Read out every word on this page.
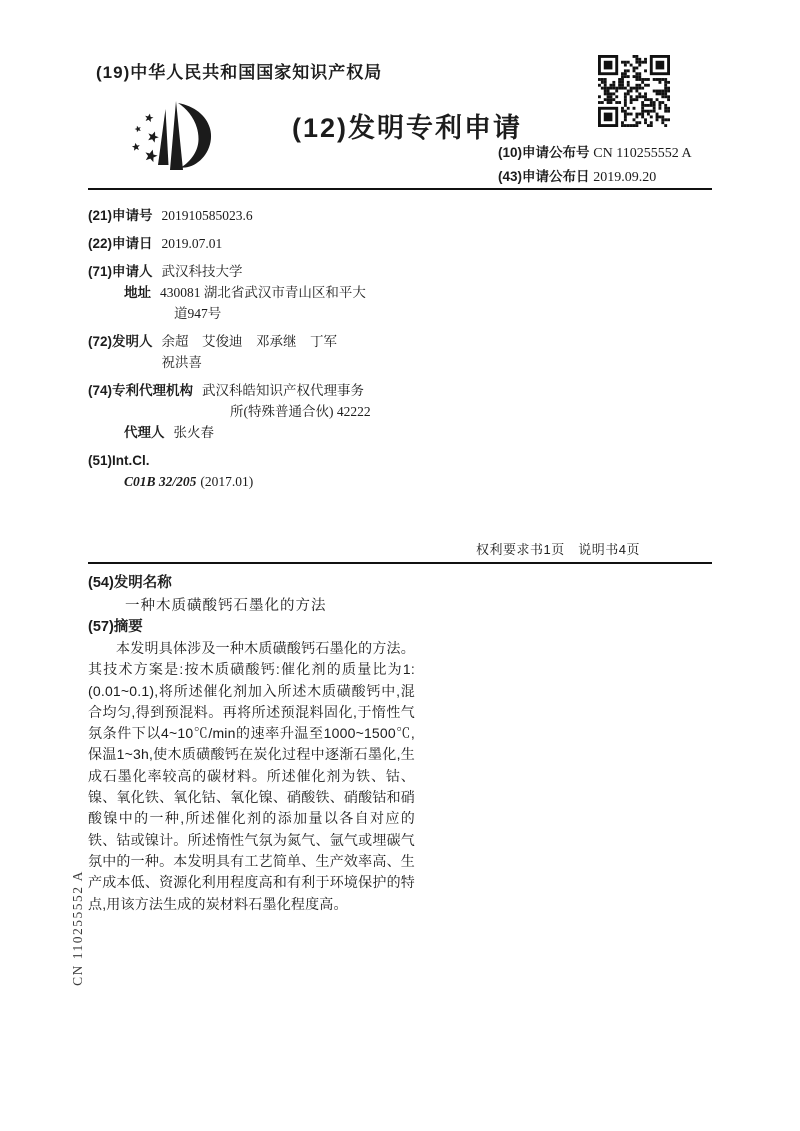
(19)中华人民共和国国家知识产权局
(12)发明专利申请
(10)申请公布号 CN 110255552 A
(43)申请公布日 2019.09.20
(21)申请号 201910585023.6
(22)申请日 2019.07.01
(71)申请人 武汉科技大学
地址 430081 湖北省武汉市青山区和平大
道947号
(72)发明人 余超　艾俊迪　邓承继　丁军
祝洪喜
(74)专利代理机构 武汉科皓知识产权代理事务
所(特殊普通合伙) 42222
代理人 张火春
(51)Int.Cl.
C01B 32/205 (2017.01)
权利要求书1页　说明书4页
(54)发明名称
一种木质磺酸钙石墨化的方法
(57)摘要
本发明具体涉及一种木质磺酸钙石墨化的方法。其技术方案是:按木质磺酸钙:催化剂的质量比为1:(0.01~0.1),将所述催化剂加入所述木质磺酸钙中,混合均匀,得到预混料。再将所述预混料固化,于惰性气氛条件下以4~10℃/min的速率升温至1000~1500℃,保温1~3h,使木质磺酸钙在炭化过程中逐渐石墨化,生成石墨化率较高的碳材料。所述催化剂为铁、钴、镍、氧化铁、氧化钴、氧化镍、硝酸铁、硝酸钴和硝酸镍中的一种,所述催化剂的添加量以各自对应的铁、钴或镍计。所述惰性气氛为氮气、氩气或埋碳气氛中的一种。本发明具有工艺简单、生产效率高、生产成本低、资源化利用程度高和有利于环境保护的特点,用该方法生成的炭材料石墨化程度高。
CN 110255552 A
